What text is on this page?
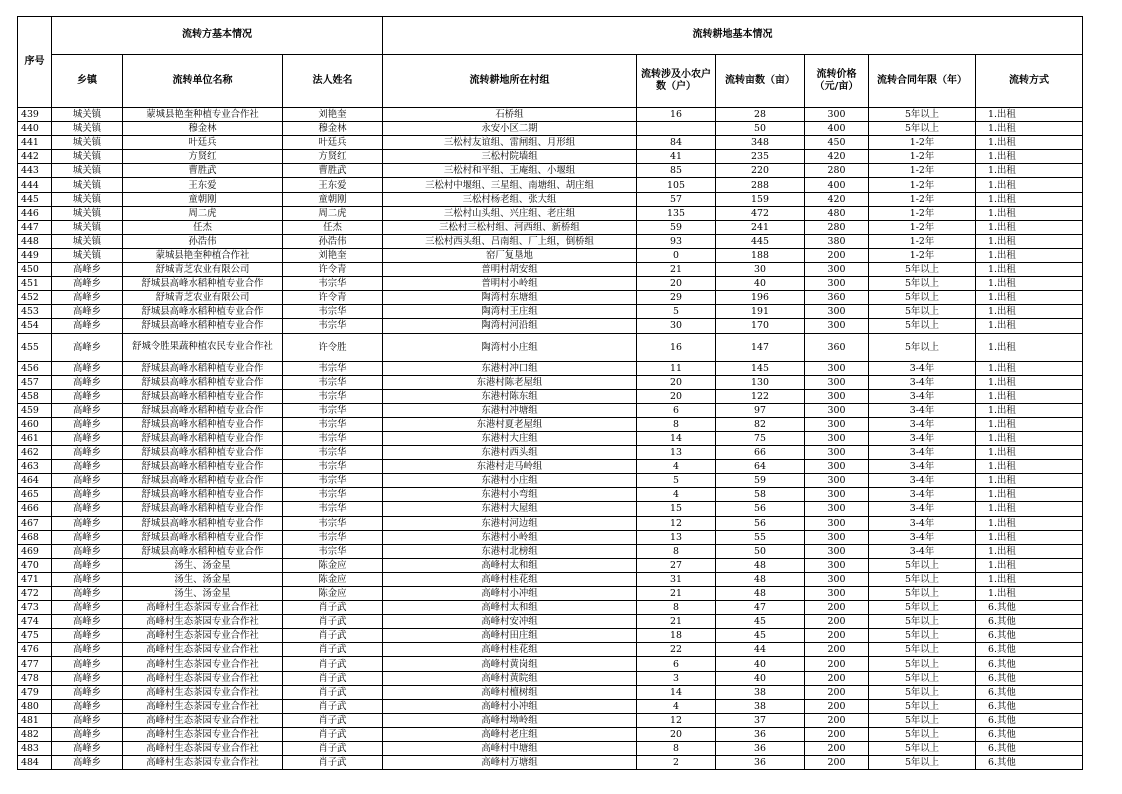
序号	流转方基本情况			流转耕地基本情况					
	乡镇	流转单位名称	法人姓名	流转耕地所在村组	流转涉及小农户数（户）	流转亩数（亩）	流转价格（元/亩）	流转合同年限（年）	流转方式
439	城关镇	蒙城县艳奎种植专业合作社	刘艳奎	石桥组	16	28	300	5年以上	1.出租
440	城关镇	穆金林	穆金林	永安小区二期		50	400	5年以上	1.出租
441	城关镇	叶廷兵	叶廷兵	三松村友谊组、雷闸组、月形组	84	348	450	1-2年	1.出租
442	城关镇	方贤红	方贤红	三松村院墙组	41	235	420	1-2年	1.出租
443	城关镇	曹胜武	曹胜武	三松村和平组、王庵组、小堰组	85	220	280	1-2年	1.出租
444	城关镇	王东爱	王东爱	三松村中堰组、三星组、南塘组、胡庄组	105	288	400	1-2年	1.出租
445	城关镇	童朝刚	童朝刚	三松村杨老组、张大组	57	159	420	1-2年	1.出租
446	城关镇	周二虎	周二虎	三松村山头组、兴庄组、老庄组	135	472	480	1-2年	1.出租
447	城关镇	任杰	任杰	三松村三松村组、河西组、新桥组	59	241	280	1-2年	1.出租
448	城关镇	孙浩伟	孙浩伟	三松村西头组、吕南组、厂上组，倒桥组	93	445	380	1-2年	1.出租
449	城关镇	蒙城县艳奎种植合作社	刘艳奎	窑厂复垦地	0	188	200	1-2年	1.出租
450	高峰乡	舒城青芝农业有限公司	许令青	普明村胡安组	21	30	300	5年以上	1.出租
451	高峰乡	舒城县高峰水稻种植专业合作	韦宗华	普明村小岭组	20	40	300	5年以上	1.出租
452	高峰乡	舒城青芝农业有限公司	许令青	陶湾村东塘组	29	196	360	5年以上	1.出租
453	高峰乡	舒城县高峰水稻种植专业合作	韦宗华	陶湾村王庄组	5	191	300	5年以上	1.出租
454	高峰乡	舒城县高峰水稻种植专业合作	韦宗华	陶湾村河沿组	30	170	300	5年以上	1.出租
455	高峰乡	舒城令胜果蔬种植农民专业合作社	许令胜	陶湾村小庄组	16	147	360	5年以上	1.出租
456	高峰乡	舒城县高峰水稻种植专业合作	韦宗华	东港村冲口组	11	145	300	3-4年	1.出租
457	高峰乡	舒城县高峰水稻种植专业合作	韦宗华	东港村陈老屋组	20	130	300	3-4年	1.出租
458	高峰乡	舒城县高峰水稻种植专业合作	韦宗华	东港村陈东组	20	122	300	3-4年	1.出租
459	高峰乡	舒城县高峰水稻种植专业合作	韦宗华	东港村冲塘组	6	97	300	3-4年	1.出租
460	高峰乡	舒城县高峰水稻种植专业合作	韦宗华	东港村夏老屋组	8	82	300	3-4年	1.出租
461	高峰乡	舒城县高峰水稻种植专业合作	韦宗华	东港村大庄组	14	75	300	3-4年	1.出租
462	高峰乡	舒城县高峰水稻种植专业合作	韦宗华	东港村西头组	13	66	300	3-4年	1.出租
463	高峰乡	舒城县高峰水稻种植专业合作	韦宗华	东港村走马岭组	4	64	300	3-4年	1.出租
464	高峰乡	舒城县高峰水稻种植专业合作	韦宗华	东港村小庄组	5	59	300	3-4年	1.出租
465	高峰乡	舒城县高峰水稻种植专业合作	韦宗华	东港村小弯组	4	58	300	3-4年	1.出租
466	高峰乡	舒城县高峰水稻种植专业合作	韦宗华	东港村大屋组	15	56	300	3-4年	1.出租
467	高峰乡	舒城县高峰水稻种植专业合作	韦宗华	东港村河边组	12	56	300	3-4年	1.出租
468	高峰乡	舒城县高峰水稻种植专业合作	韦宗华	东港村小岭组	13	55	300	3-4年	1.出租
469	高峰乡	舒城县高峰水稻种植专业合作	韦宗华	东港村北榜组	8	50	300	3-4年	1.出租
470	高峰乡	汤生、汤金星	陈金应	高峰村太和组	27	48	300	5年以上	1.出租
471	高峰乡	汤生、汤金星	陈金应	高峰村桂花组	31	48	300	5年以上	1.出租
472	高峰乡	汤生、汤金星	陈金应	高峰村小冲组	21	48	300	5年以上	1.出租
473	高峰乡	高峰村生态茶园专业合作社	肖子武	高峰村太和组	8	47	200	5年以上	6.其他
474	高峰乡	高峰村生态茶园专业合作社	肖子武	高峰村安冲组	21	45	200	5年以上	6.其他
475	高峰乡	高峰村生态茶园专业合作社	肖子武	高峰村田庄组	18	45	200	5年以上	6.其他
476	高峰乡	高峰村生态茶园专业合作社	肖子武	高峰村桂花组	22	44	200	5年以上	6.其他
477	高峰乡	高峰村生态茶园专业合作社	肖子武	高峰村黄岗组	6	40	200	5年以上	6.其他
478	高峰乡	高峰村生态茶园专业合作社	肖子武	高峰村黄院组	3	40	200	5年以上	6.其他
479	高峰乡	高峰村生态茶园专业合作社	肖子武	高峰村檀树组	14	38	200	5年以上	6.其他
480	高峰乡	高峰村生态茶园专业合作社	肖子武	高峰村小冲组	4	38	200	5年以上	6.其他
481	高峰乡	高峰村生态茶园专业合作社	肖子武	高峰村坳岭组	12	37	200	5年以上	6.其他
482	高峰乡	高峰村生态茶园专业合作社	肖子武	高峰村老庄组	20	36	200	5年以上	6.其他
483	高峰乡	高峰村生态茶园专业合作社	肖子武	高峰村中塘组	8	36	200	5年以上	6.其他
484	高峰乡	高峰村生态茶园专业合作社	肖子武	高峰村万塘组	2	36	200	5年以上	6.其他
